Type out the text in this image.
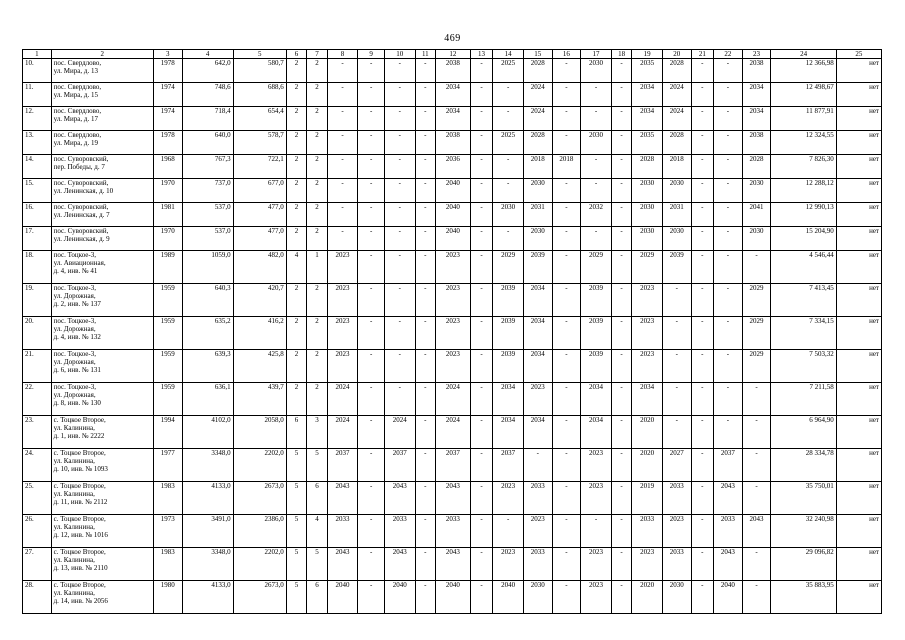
469
1	2	3	4	5	6	7	8	9	10	11	12	13	14	15	16	17	18	19	20	21	22	23	24	25
10.	пос. Свердлово,
ул. Мира, д. 13	1978	642,0	580,7	2	2	-	-	-	-	2038	-	2025	2028	-	2030	-	2035	2028	-	-	2038	12 366,98	нет
11.	пос. Свердлово,
ул. Мира, д. 15	1974	748,6	688,6	2	2	-	-	-	-	2034	-	-	2024	-	-	-	2034	2024	-	-	2034	12 498,67	нет
12.	пос. Свердлово,
ул. Мира, д. 17	1974	718,4	654,4	2	2	-	-	-	-	2034	-	-	2024	-	-	-	2034	2024	-	-	2034	11 877,91	нет
13.	пос. Свердлово,
ул. Мира, д. 19	1978	640,0	578,7	2	2	-	-	-	-	2038	-	2025	2028	-	2030	-	2035	2028	-	-	2038	12 324,55	нет
14.	пос. Суворовский,
пер. Победы, д. 7	1968	767,3	722,1	2	2	-	-	-	-	2036	-	-	2018	2018	-	-	2028	2018	-	-	2028	7 826,30	нет
15.	пос. Суворовский,
ул. Ленинская, д. 10	1970	737,0	677,0	2	2	-	-	-	-	2040	-	-	2030	-	-	-	2030	2030	-	-	2030	12 288,12	нет
16.	пос. Суворовский,
ул. Ленинская, д. 7	1981	537,0	477,0	2	2	-	-	-	-	2040	-	2030	2031	-	2032	-	2030	2031	-	-	2041	12 990,13	нет
17.	пос. Суворовский,
ул. Ленинская, д. 9	1970	537,0	477,0	2	2	-	-	-	-	2040	-	-	2030	-	-	-	2030	2030	-	-	2030	15 204,90	нет
18.	пос. Тоцкое-3,
ул. Авиационная,
д. 4, инв. № 41	1989	1059,0	482,0	4	1	2023	-	-	-	2023	-	2029	2039	-	2029	-	2029	2039	-	-	-	4 546,44	нет
19.	пос. Тоцкое-3,
ул. Дорожная,
д. 2, инв. № 137	1959	640,3	420,7	2	2	2023	-	-	-	2023	-	2039	2034	-	2039	-	2023	-	-	-	2029	7 413,45	нет
20.	пос. Тоцкое-3,
ул. Дорожная,
д. 4, инв. № 132	1959	635,2	416,2	2	2	2023	-	-	-	2023	-	2039	2034	-	2039	-	2023	-	-	-	2029	7 334,15	нет
21.	пос. Тоцкое-3,
ул. Дорожная,
д. 6, инв. № 131	1959	639,3	425,8	2	2	2023	-	-	-	2023	-	2039	2034	-	2039	-	2023	-	-	-	2029	7 503,32	нет
22.	пос. Тоцкое-3,
ул. Дорожная,
д. 8, инв. № 130	1959	636,1	439,7	2	2	2024	-	-	-	2024	-	2034	2023	-	2034	-	2034	-	-	-	-	7 211,58	нет
23.	с. Тоцкое Второе,
ул. Калинина,
д. 1, инв. № 2222	1994	4102,0	2058,0	6	3	2024	-	2024	-	2024	-	2034	2034	-	2034	-	2020	-	-	-	-	6 964,90	нет
24.	с. Тоцкое Второе,
ул. Калинина,
д. 10, инв. № 1093	1977	3348,0	2202,0	5	5	2037	-	2037	-	2037	-	2037	-	-	2023	-	2020	2027	-	2037	-	28 334,78	нет
25.	с. Тоцкое Второе,
ул. Калинина,
д. 11, инв. № 2112	1983	4133,0	2673,0	5	6	2043	-	2043	-	2043	-	2023	2033	-	2023	-	2019	2033	-	2043	-	35 750,01	нет
26.	с. Тоцкое Второе,
ул. Калинина,
д. 12, инв. № 1016	1973	3491,0	2386,0	5	4	2033	-	2033	-	2033	-	-	2023	-	-	-	2033	2023	-	2033	2043	32 240,98	нет
27.	с. Тоцкое Второе,
ул. Калинина,
д. 13, инв. № 2110	1983	3348,0	2202,0	5	5	2043	-	2043	-	2043	-	2023	2033	-	2023	-	2023	2033	-	2043	-	29 096,82	нет
28.	с. Тоцкое Второе,
ул. Калинина,
д. 14, инв. № 2056	1980	4133,0	2673,0	5	6	2040	-	2040	-	2040	-	2040	2030	-	2023	-	2020	2030	-	2040	-	35 883,95	нет
